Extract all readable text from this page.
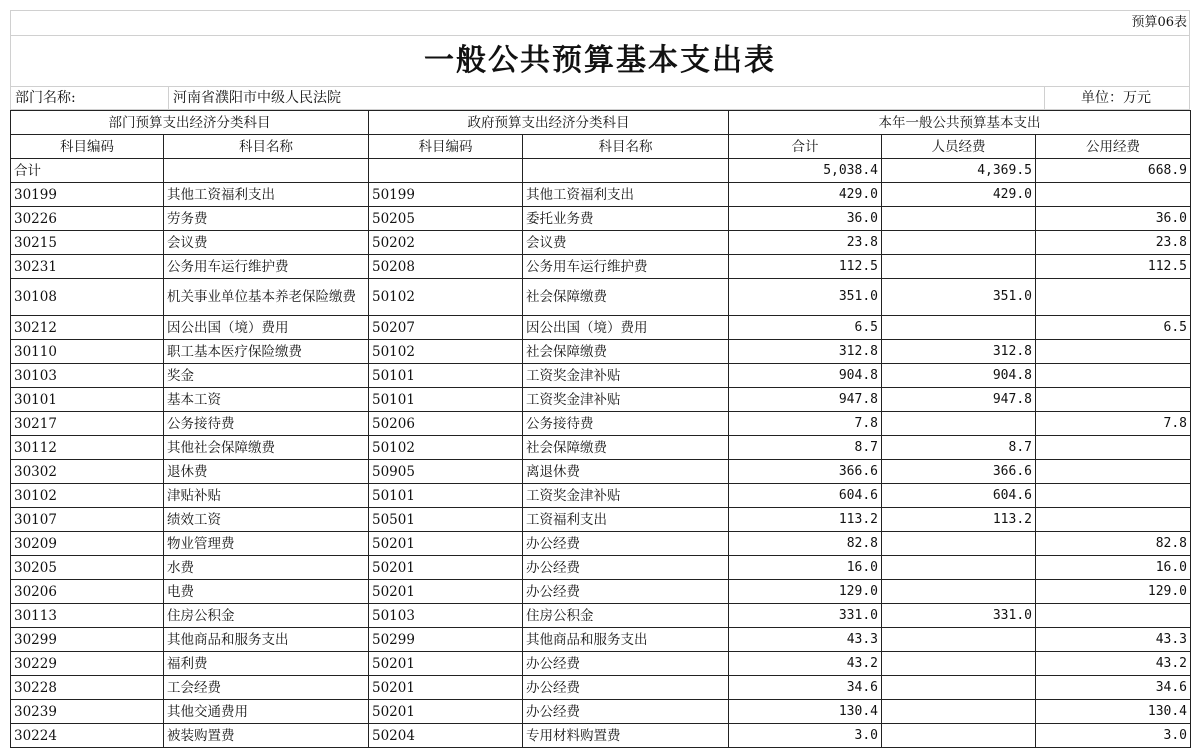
预算06表
一般公共预算基本支出表
部门名称:	河南省濮阳市中级人民法院	单位：万元
部门预算支出经济分类科目		政府预算支出经济分类科目		本年一般公共预算基本支出		
科目编码	科目名称	科目编码	科目名称	合计	人员经费	公用经费
合计				5,038.4	4,369.5	668.9
30199	其他工资福利支出	50199	其他工资福利支出	429.0	429.0	
30226	劳务费	50205	委托业务费	36.0		36.0
30215	会议费	50202	会议费	23.8		23.8
30231	公务用车运行维护费	50208	公务用车运行维护费	112.5		112.5
30108	机关事业单位基本养老保险缴费	50102	社会保障缴费	351.0	351.0	
30212	因公出国（境）费用	50207	因公出国（境）费用	6.5		6.5
30110	职工基本医疗保险缴费	50102	社会保障缴费	312.8	312.8	
30103	奖金	50101	工资奖金津补贴	904.8	904.8	
30101	基本工资	50101	工资奖金津补贴	947.8	947.8	
30217	公务接待费	50206	公务接待费	7.8		7.8
30112	其他社会保障缴费	50102	社会保障缴费	8.7	8.7	
30302	退休费	50905	离退休费	366.6	366.6	
30102	津贴补贴	50101	工资奖金津补贴	604.6	604.6	
30107	绩效工资	50501	工资福利支出	113.2	113.2	
30209	物业管理费	50201	办公经费	82.8		82.8
30205	水费	50201	办公经费	16.0		16.0
30206	电费	50201	办公经费	129.0		129.0
30113	住房公积金	50103	住房公积金	331.0	331.0	
30299	其他商品和服务支出	50299	其他商品和服务支出	43.3		43.3
30229	福利费	50201	办公经费	43.2		43.2
30228	工会经费	50201	办公经费	34.6		34.6
30239	其他交通费用	50201	办公经费	130.4		130.4
30224	被装购置费	50204	专用材料购置费	3.0		3.0
